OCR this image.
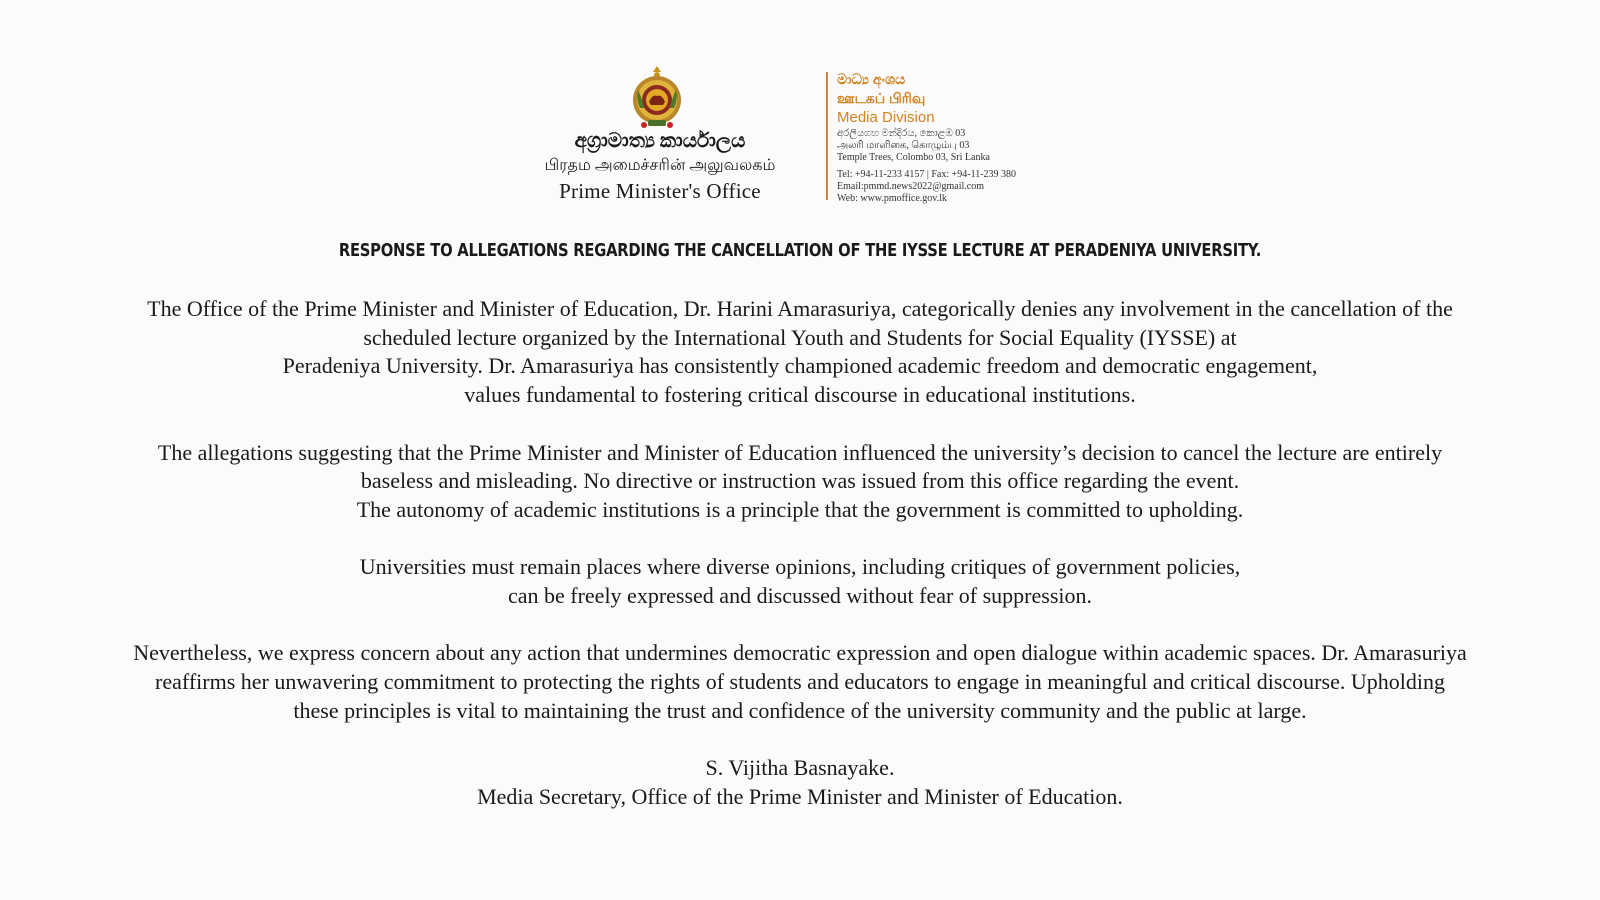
අග්‍රාමාත්‍ය කාර්යාලය
பிரதம அமைச்சரின் அலுவலகம்
Prime Minister's Office
මාධ්‍ය අංශය
ஊடகப் பிரிவு
Media Division
අරලියගහ මන්දිරය, කොළඹ 03
அலரி மாளிகை, கொழும்பு 03
Temple Trees, Colombo 03, Sri Lanka
Tel: +94-11-233 4157 | Fax: +94-11-239 380
Email:pmmd.news2022@gmail.com
Web: www.pmoffice.gov.lk
RESPONSE TO ALLEGATIONS REGARDING THE CANCELLATION OF THE IYSSE LECTURE AT PERADENIYA UNIVERSITY.
The Office of the Prime Minister and Minister of Education, Dr. Harini Amarasuriya, categorically denies any involvement in the cancellation of the
scheduled lecture organized by the International Youth and Students for Social Equality (IYSSE) at
Peradeniya University. Dr. Amarasuriya has consistently championed academic freedom and democratic engagement,
values fundamental to fostering critical discourse in educational institutions.
The allegations suggesting that the Prime Minister and Minister of Education influenced the university’s decision to cancel the lecture are entirely
baseless and misleading. No directive or instruction was issued from this office regarding the event.
The autonomy of academic institutions is a principle that the government is committed to upholding.
Universities must remain places where diverse opinions, including critiques of government policies,
can be freely expressed and discussed without fear of suppression.
Nevertheless, we express concern about any action that undermines democratic expression and open dialogue within academic spaces. Dr. Amarasuriya
reaffirms her unwavering commitment to protecting the rights of students and educators to engage in meaningful and critical discourse. Upholding
these principles is vital to maintaining the trust and confidence of the university community and the public at large.
S. Vijitha Basnayake.
Media Secretary, Office of the Prime Minister and Minister of Education.
